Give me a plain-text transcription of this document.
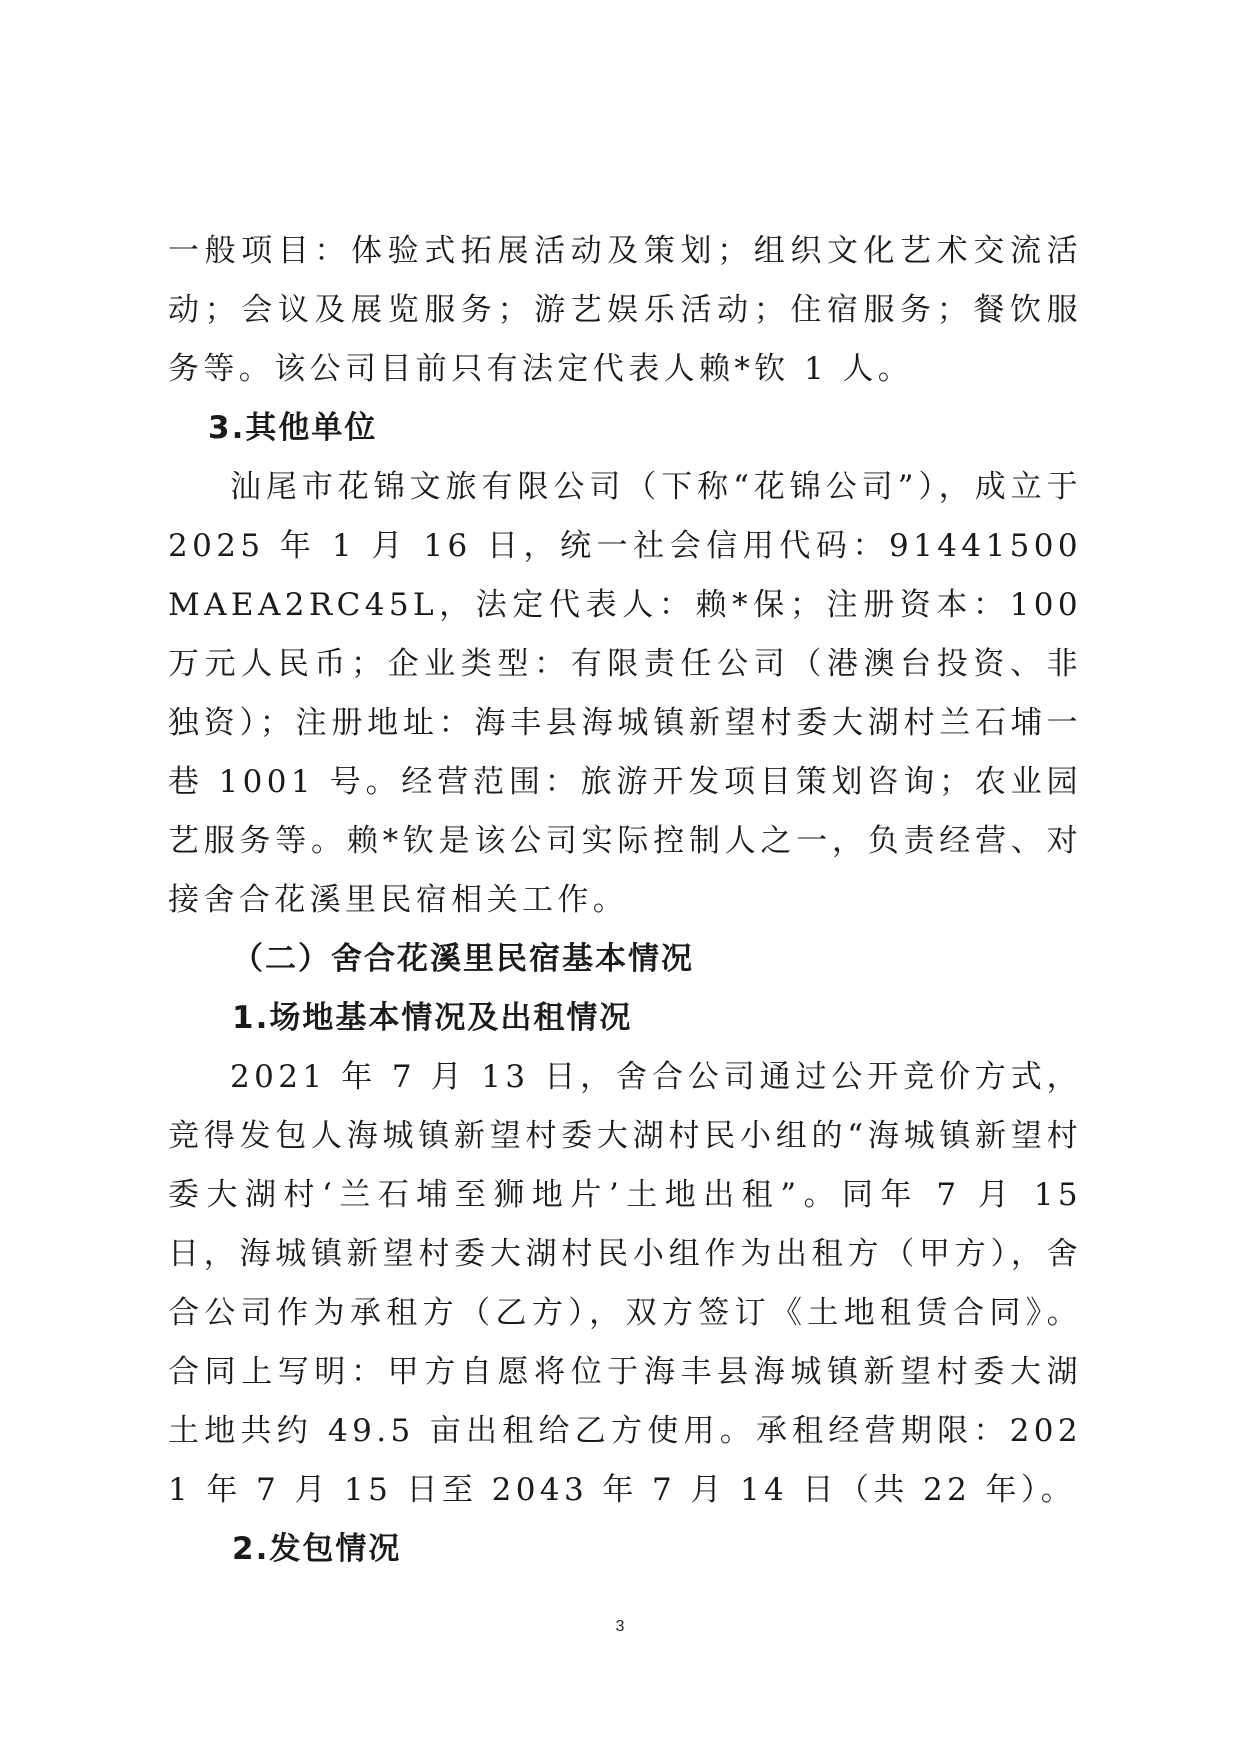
一般项目：体验式拓展活动及策划；组织文化艺术交流活动；会议及展览服务；游艺娱乐活动；住宿服务；餐饮服务等。该公司目前只有法定代表人赖*钦 1 人。

3.其他单位

汕尾市花锦文旅有限公司（下称“花锦公司”），成立于 2025 年 1 月 16 日，统一社会信用代码：91441500MAEA2RC45L，法定代表人：赖*保；注册资本：100 万元人民币；企业类型：有限责任公司（港澳台投资、非独资）；注册地址：海丰县海城镇新望村委大湖村兰石埔一巷 1001 号。经营范围：旅游开发项目策划咨询；农业园艺服务等。赖*钦是该公司实际控制人之一，负责经营、对接舍合花溪里民宿相关工作。

（二）舍合花溪里民宿基本情况

1.场地基本情况及出租情况

2021 年 7 月 13 日，舍合公司通过公开竞价方式，竞得发包人海城镇新望村委大湖村民小组的“海城镇新望村委大湖村‘兰石埔至狮地片’土地出租”。同年 7 月 15 日，海城镇新望村委大湖村民小组作为出租方（甲方），舍合公司作为承租方（乙方），双方签订《土地租赁合同》。合同上写明：甲方自愿将位于海丰县海城镇新望村委大湖土地共约 49.5 亩出租给乙方使用。承租经营期限：2021 年 7 月 15 日至 2043 年 7 月 14 日（共 22 年）。

2.发包情况

3
